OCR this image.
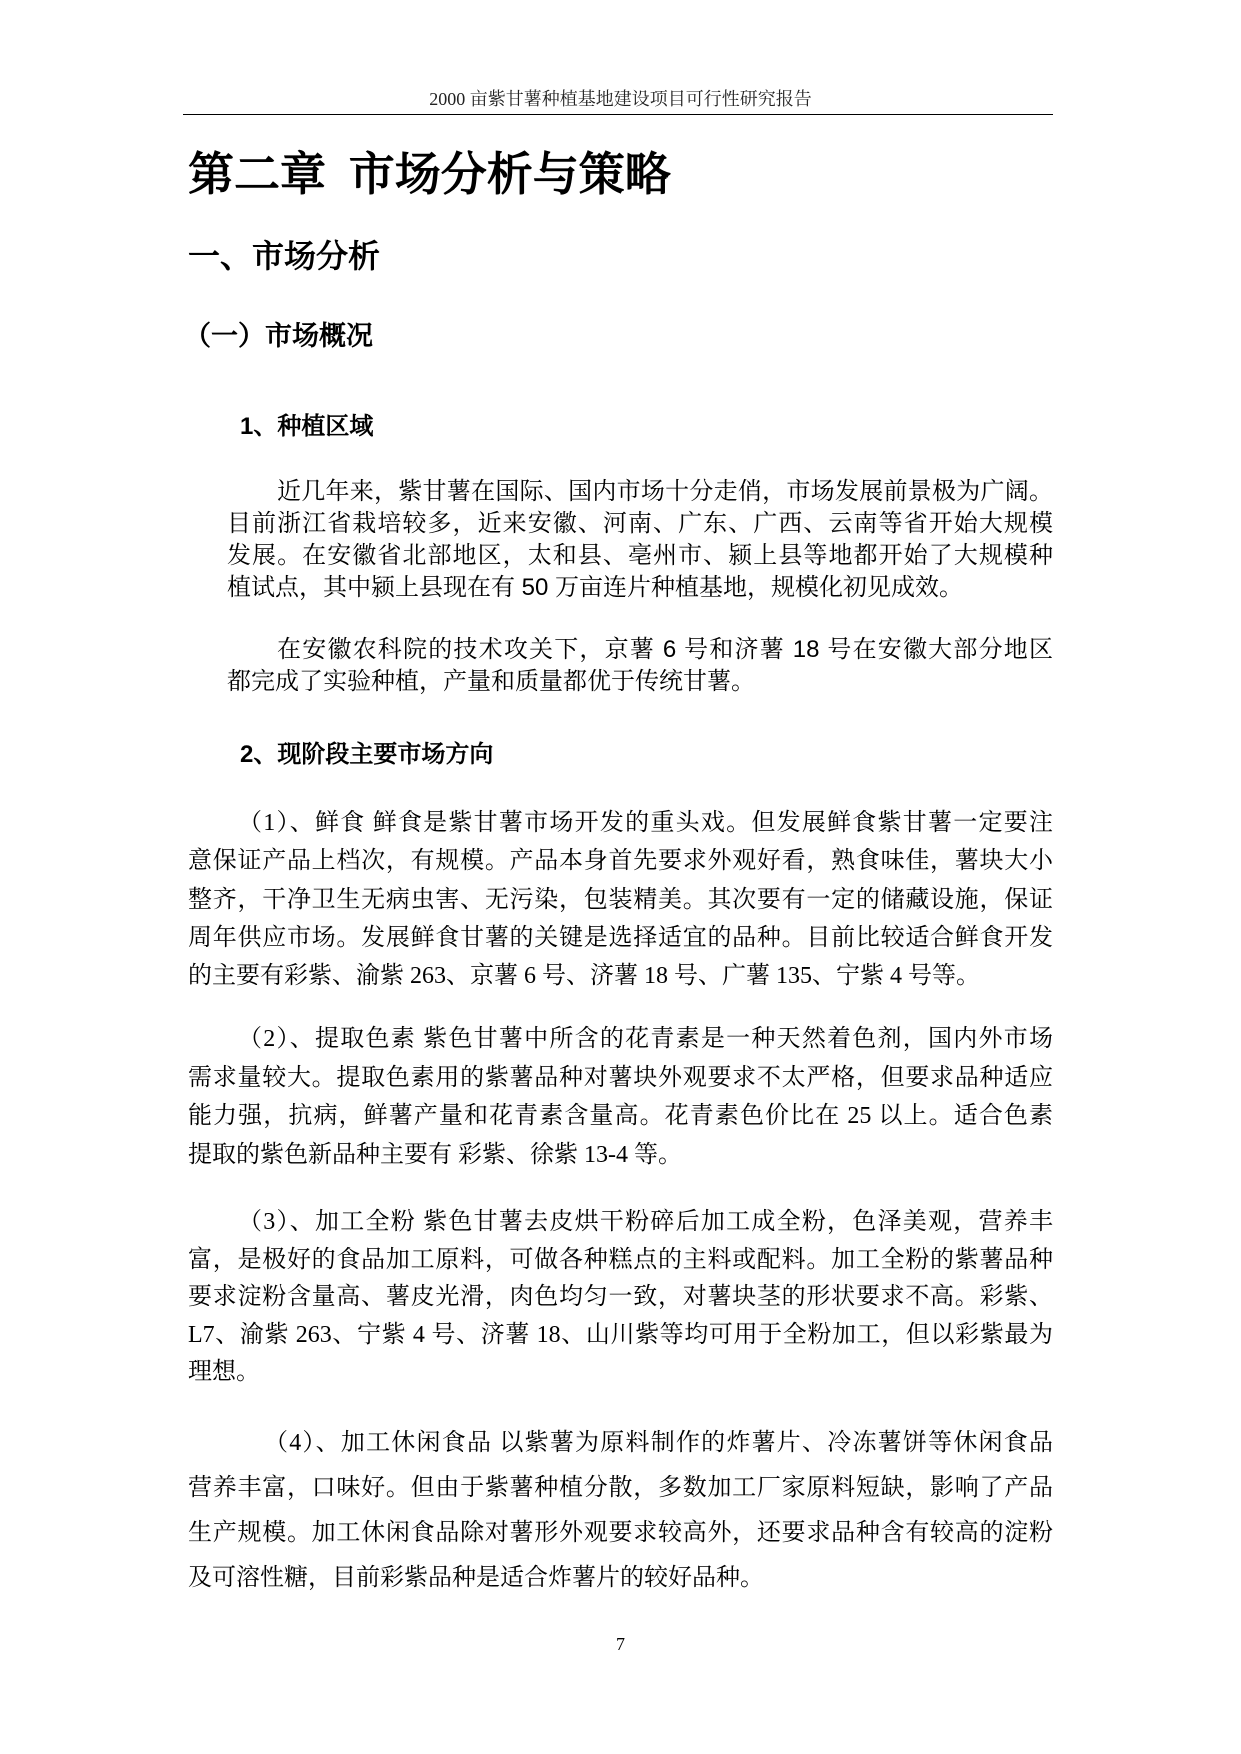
2000 亩紫甘薯种植基地建设项目可行性研究报告
第二章 市场分析与策略
一、市场分析
（一）市场概况
1、种植区域
近几年来，紫甘薯在国际、国内市场十分走俏，市场发展前景极为广阔。
目前浙江省栽培较多，近来安徽、河南、广东、广西、云南等省开始大规模
发展。在安徽省北部地区，太和县、亳州市、颍上县等地都开始了大规模种
植试点，其中颍上县现在有 50 万亩连片种植基地，规模化初见成效。
在安徽农科院的技术攻关下，京薯 6 号和济薯 18 号在安徽大部分地区
都完成了实验种植，产量和质量都优于传统甘薯。
2、现阶段主要市场方向
（1）、鲜食 鲜食是紫甘薯市场开发的重头戏。但发展鲜食紫甘薯一定要注
意保证产品上档次，有规模。产品本身首先要求外观好看，熟食味佳，薯块大小
整齐，干净卫生无病虫害、无污染，包装精美。其次要有一定的储藏设施，保证
周年供应市场。发展鲜食甘薯的关键是选择适宜的品种。目前比较适合鲜食开发
的主要有彩紫、渝紫 263、京薯 6 号、济薯 18 号、广薯 135、宁紫 4 号等。
（2）、提取色素 紫色甘薯中所含的花青素是一种天然着色剂，国内外市场
需求量较大。提取色素用的紫薯品种对薯块外观要求不太严格，但要求品种适应
能力强，抗病，鲜薯产量和花青素含量高。花青素色价比在 25 以上。适合色素
提取的紫色新品种主要有 彩紫、徐紫 13-4 等。
（3）、加工全粉 紫色甘薯去皮烘干粉碎后加工成全粉，色泽美观，营养丰
富，是极好的食品加工原料，可做各种糕点的主料或配料。加工全粉的紫薯品种
要求淀粉含量高、薯皮光滑，肉色均匀一致，对薯块茎的形状要求不高。彩紫、
L7、渝紫 263、宁紫 4 号、济薯 18、山川紫等均可用于全粉加工，但以彩紫最为
理想。
（4）、加工休闲食品 以紫薯为原料制作的炸薯片、冷冻薯饼等休闲食品
营养丰富，口味好。但由于紫薯种植分散，多数加工厂家原料短缺，影响了产品
生产规模。加工休闲食品除对薯形外观要求较高外，还要求品种含有较高的淀粉
及可溶性糖，目前彩紫品种是适合炸薯片的较好品种。
7
